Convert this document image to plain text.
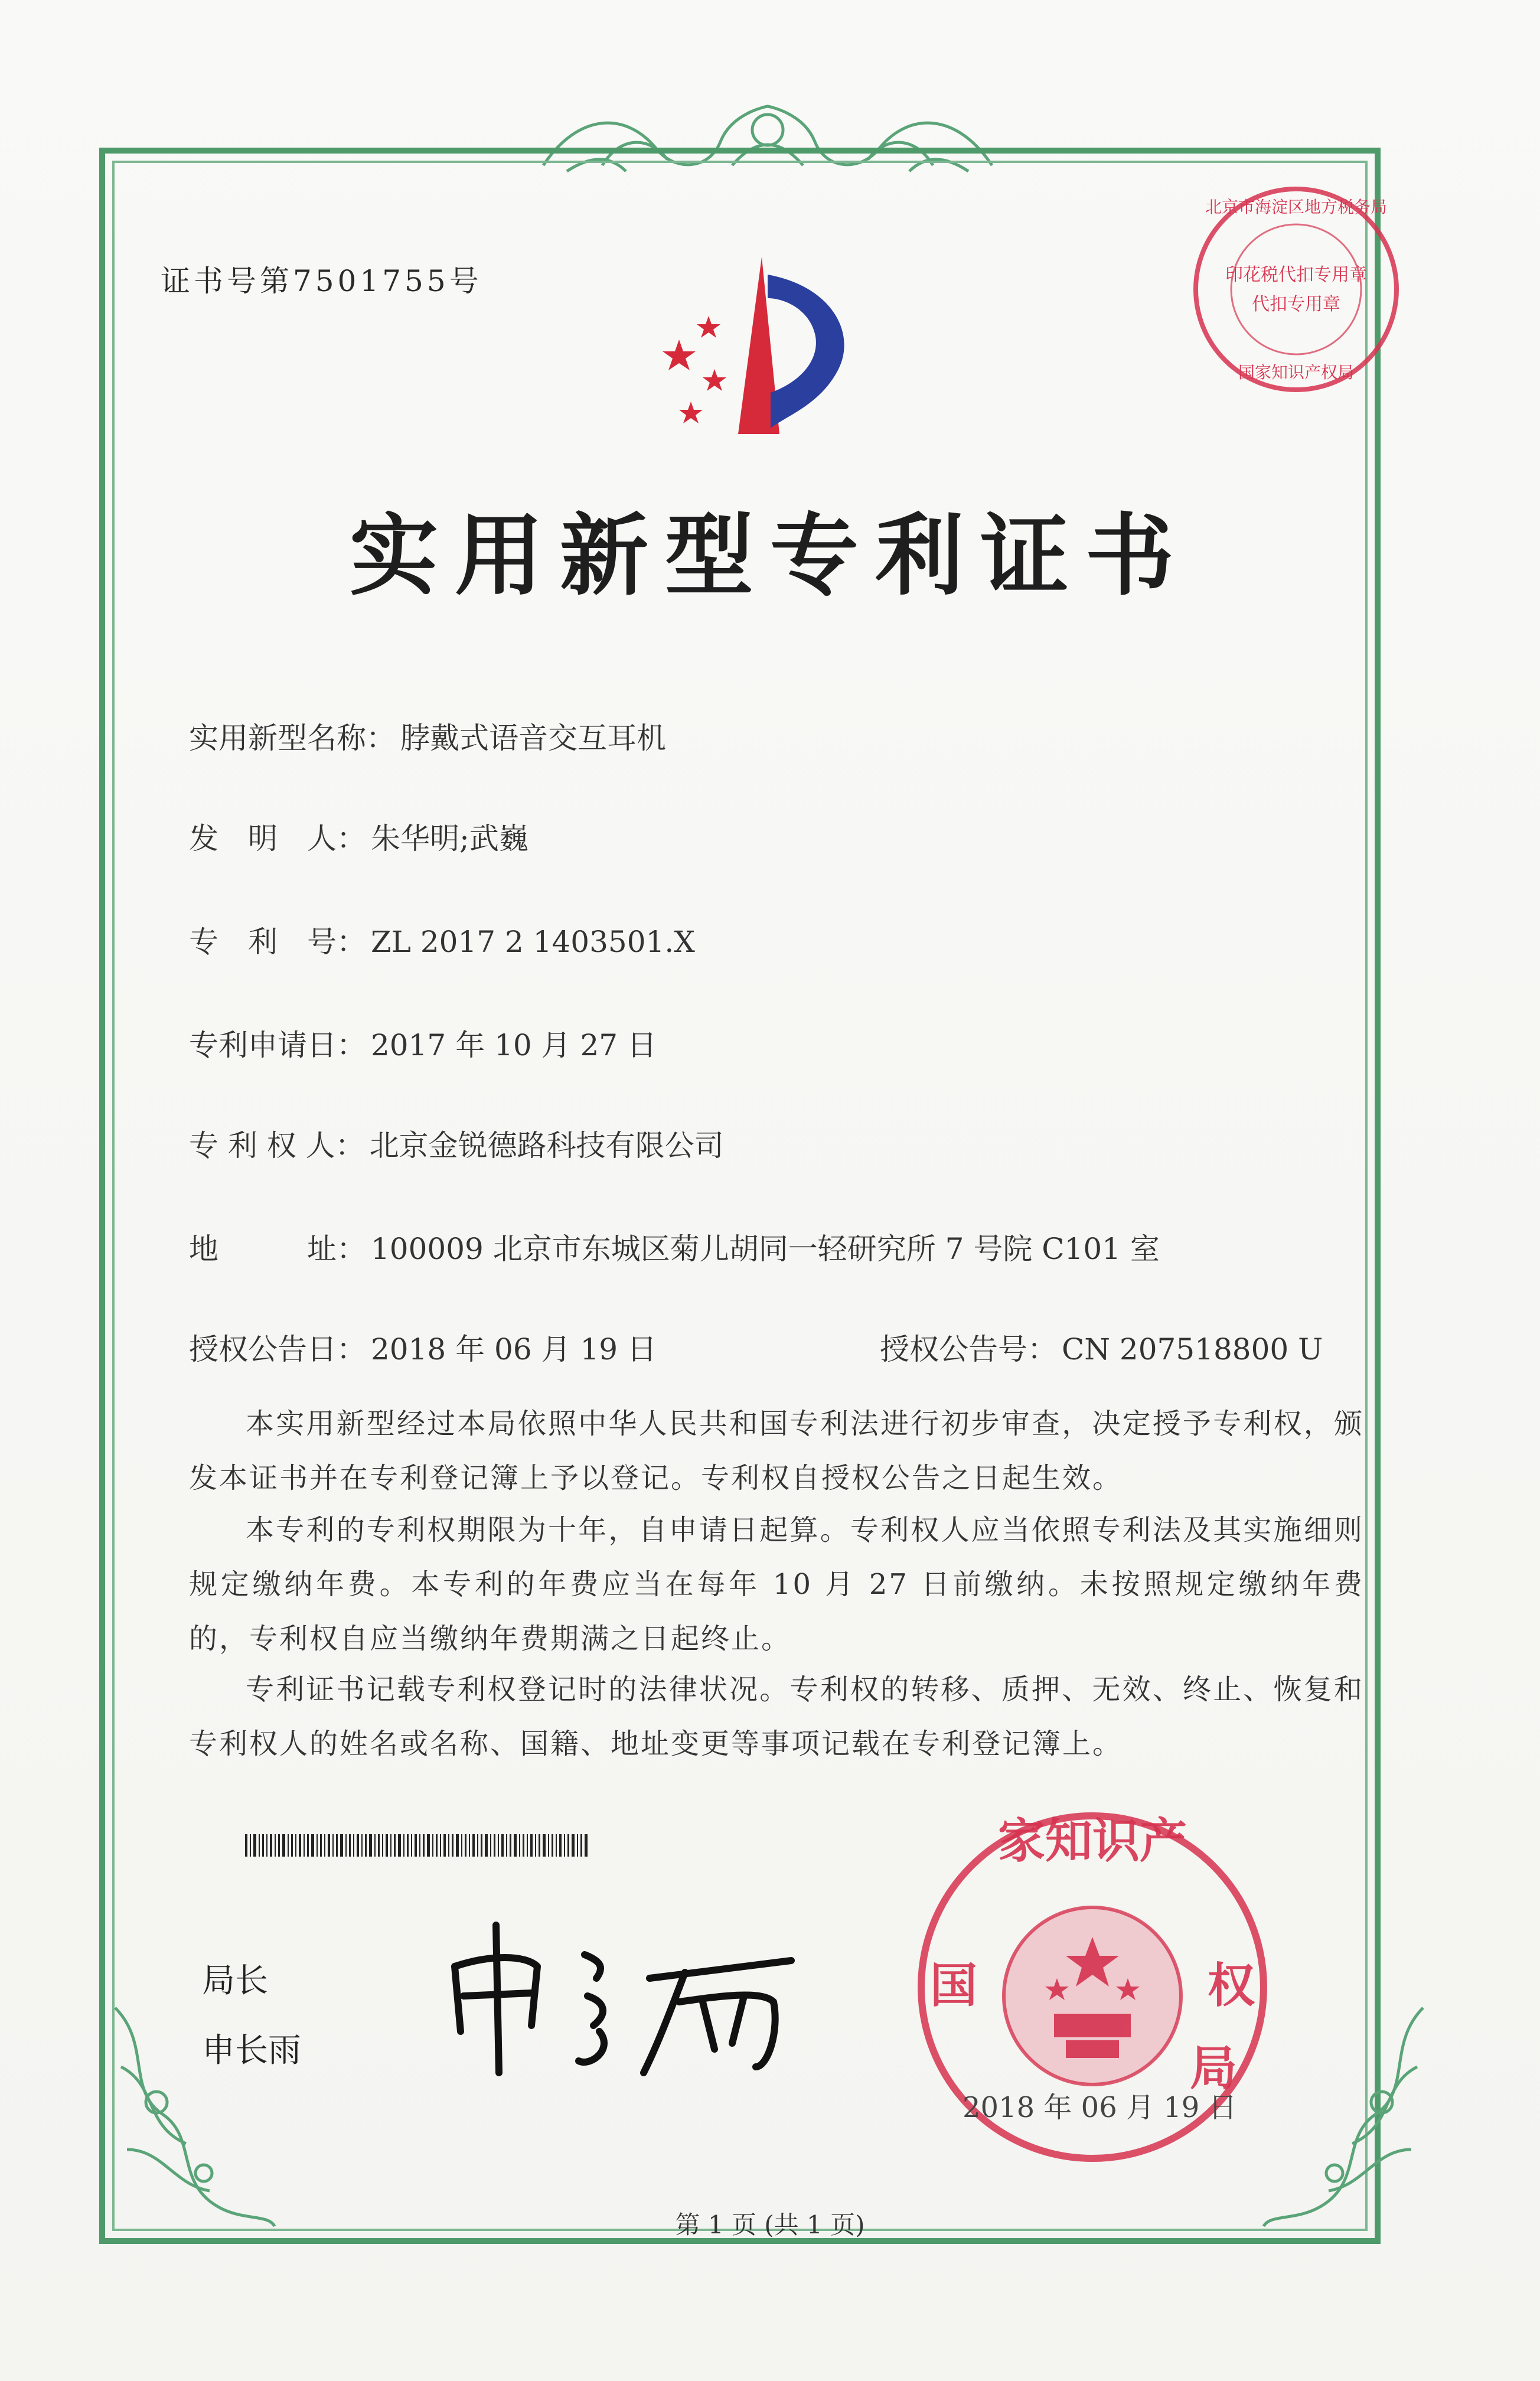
证书号第7501755号	印花税代扣专用章
代扣专用章
北京市海淀区地方税务局
国家知识产权局
实用新型专利证书
实用新型名称： 脖戴式语音交互耳机
发　明　人： 朱华明;武巍
专　利　号： ZL 2017 2 1403501.X
专利申请日： 2017 年 10 月 27 日
专 利 权 人： 北京金锐德路科技有限公司
地　　　址： 100009 北京市东城区菊儿胡同一轻研究所 7 号院 C101 室
授权公告日： 2018 年 06 月 19 日	授权公告号： CN 207518800 U
本实用新型经过本局依照中华人民共和国专利法进行初步审查，决定授予专利权，颁发本证书并在专利登记簿上予以登记。专利权自授权公告之日起生效。
本专利的专利权期限为十年，自申请日起算。专利权人应当依照专利法及其实施细则规定缴纳年费。本专利的年费应当在每年 10 月 27 日前缴纳。未按照规定缴纳年费的，专利权自应当缴纳年费期满之日起终止。
专利证书记载专利权登记时的法律状况。专利权的转移、质押、无效、终止、恢复和专利权人的姓名或名称、国籍、地址变更等事项记载在专利登记簿上。
局长
申长雨
家知识产
国	权
局
2018 年 06 月 19 日
第 1 页 (共 1 页)
